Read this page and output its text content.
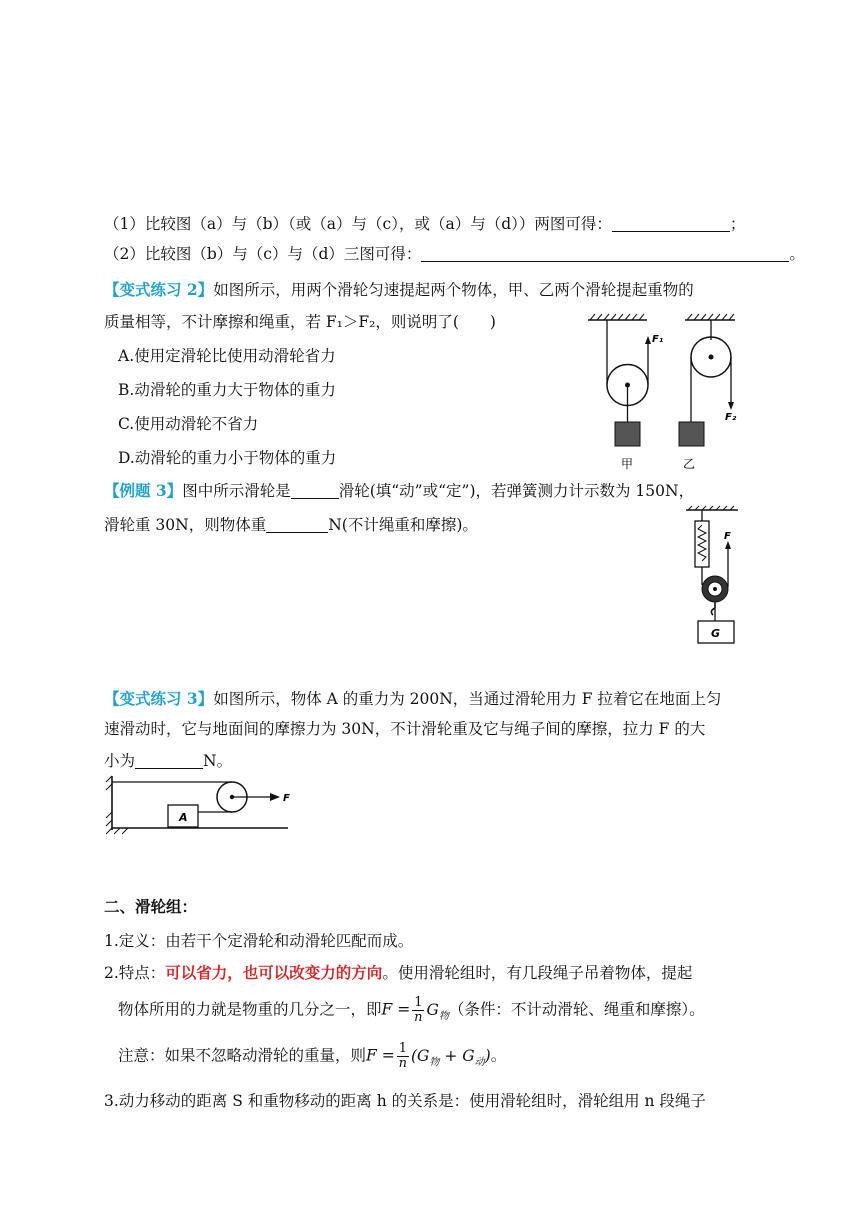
（1）比较图（a）与（b）（或（a）与（c），或（a）与（d））两图可得：	；
（2）比较图（b）与（c）与（d）三图可得：	。
【变式练习 2】如图所示，用两个滑轮匀速提起两个物体，甲、乙两个滑轮提起重物的
质量相等，不计摩擦和绳重，若 F₁＞F₂，则说明了(　　)
A.使用定滑轮比使用动滑轮省力
B.动滑轮的重力大于物体的重力
C.使用动滑轮不省力
D.动滑轮的重力小于物体的重力
F₁
甲
F₂
乙
【例题 3】图中所示滑轮是	滑轮(填“动”或“定”)，若弹簧测力计示数为 150N，
滑轮重 30N，则物体重	N(不计绳重和摩擦)。
F
G
【变式练习 3】如图所示，物体 A 的重力为 200N，当通过滑轮用力 F 拉着它在地面上匀
速滑动时，它与地面间的摩擦力为 30N，不计滑轮重及它与绳子间的摩擦，拉力 F 的大
小为	N。
F
A
二、滑轮组：
1.定义：由若干个定滑轮和动滑轮匹配而成。
2.特点：可以省力，也可以改变力的方向。使用滑轮组时，有几段绳子吊着物体，提起
物体所用的力就是物重的几分之一，即$F = \frac{1}{n} G_物$（条件：不计动滑轮、绳重和摩擦）。
注意：如果不忽略动滑轮的重量，则$F = \frac{1}{n} (G_物 + G_动)$。
3.动力移动的距离 S 和重物移动的距离 h 的关系是：使用滑轮组时，滑轮组用 n 段绳子
